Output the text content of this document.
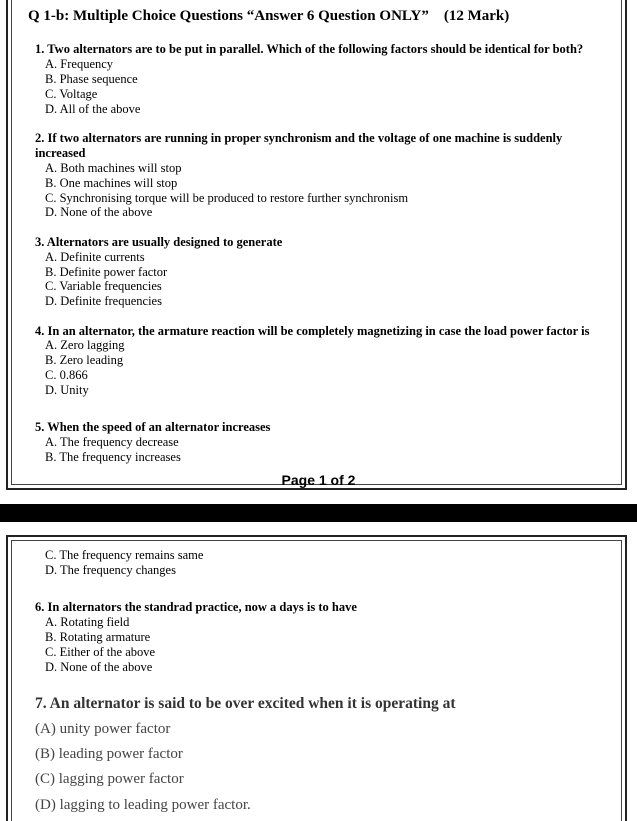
Q 1-b: Multiple Choice Questions “Answer 6 Question ONLY” (12 Mark)
1. Two alternators are to be put in parallel. Which of the following factors should be identical for both?
A. Frequency
B. Phase sequence
C. Voltage
D. All of the above
2. If two alternators are running in proper synchronism and the voltage of one machine is suddenly
increased
A. Both machines will stop
B. One machines will stop
C. Synchronising torque will be produced to restore further synchronism
D. None of the above
3. Alternators are usually designed to generate
A. Definite currents
B. Definite power factor
C. Variable frequencies
D. Definite frequencies
4. In an alternator, the armature reaction will be completely magnetizing in case the load power factor is
A. Zero lagging
B. Zero leading
C. 0.866
D. Unity
5. When the speed of an alternator increases
A. The frequency decrease
B. The frequency increases
Page 1 of 2
C. The frequency remains same
D. The frequency changes
6. In alternators the standrad practice, now a days is to have
A. Rotating field
B. Rotating armature
C. Either of the above
D. None of the above
7. An alternator is said to be over excited when it is operating at
(A) unity power factor
(B) leading power factor
(C) lagging power factor
(D) lagging to leading power factor.
